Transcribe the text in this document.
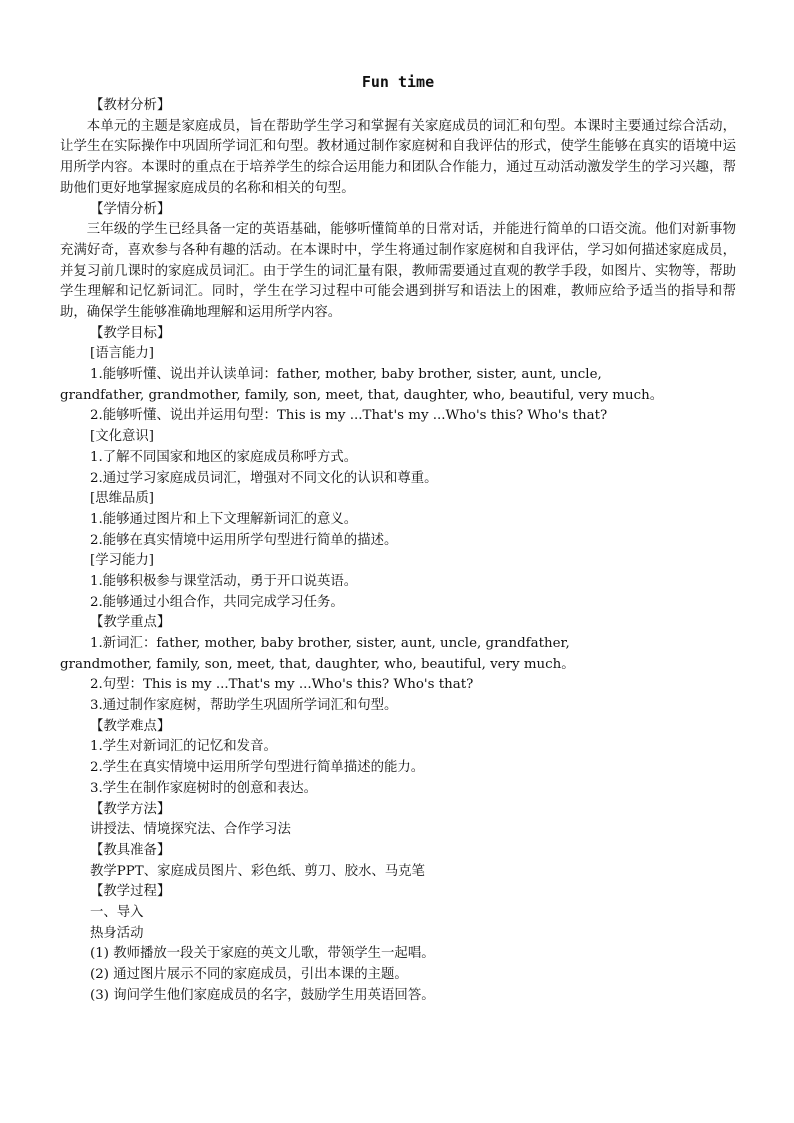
Fun time
【教材分析】
本单元的主题是家庭成员，旨在帮助学生学习和掌握有关家庭成员的词汇和句型。本课时主要通过综合活动，让学生在实际操作中巩固所学词汇和句型。教材通过制作家庭树和自我评估的形式，使学生能够在真实的语境中运用所学内容。本课时的重点在于培养学生的综合运用能力和团队合作能力，通过互动活动激发学生的学习兴趣，帮助他们更好地掌握家庭成员的名称和相关的句型。
【学情分析】
三年级的学生已经具备一定的英语基础，能够听懂简单的日常对话，并能进行简单的口语交流。他们对新事物充满好奇，喜欢参与各种有趣的活动。在本课时中，学生将通过制作家庭树和自我评估，学习如何描述家庭成员，并复习前几课时的家庭成员词汇。由于学生的词汇量有限，教师需要通过直观的教学手段，如图片、实物等，帮助学生理解和记忆新词汇。同时，学生在学习过程中可能会遇到拼写和语法上的困难，教师应给予适当的指导和帮助，确保学生能够准确地理解和运用所学内容。
【教学目标】
[语言能力]
1.能够听懂、说出并认读单词：father, mother, baby brother, sister, aunt, uncle,
grandfather, grandmother, family, son, meet, that, daughter, who, beautiful, very much。
2.能够听懂、说出并运用句型：This is my ...That's my ...Who's this? Who's that?
[文化意识]
1.了解不同国家和地区的家庭成员称呼方式。
2.通过学习家庭成员词汇，增强对不同文化的认识和尊重。
[思维品质]
1.能够通过图片和上下文理解新词汇的意义。
2.能够在真实情境中运用所学句型进行简单的描述。
[学习能力]
1.能够积极参与课堂活动，勇于开口说英语。
2.能够通过小组合作，共同完成学习任务。
【教学重点】
1.新词汇：father, mother, baby brother, sister, aunt, uncle, grandfather,
grandmother, family, son, meet, that, daughter, who, beautiful, very much。
2.句型：This is my ...That's my ...Who's this? Who's that?
3.通过制作家庭树，帮助学生巩固所学词汇和句型。
【教学难点】
1.学生对新词汇的记忆和发音。
2.学生在真实情境中运用所学句型进行简单描述的能力。
3.学生在制作家庭树时的创意和表达。
【教学方法】
讲授法、情境探究法、合作学习法
【教具准备】
教学PPT、家庭成员图片、彩色纸、剪刀、胶水、马克笔
【教学过程】
一、导入
热身活动
(1) 教师播放一段关于家庭的英文儿歌，带领学生一起唱。
(2) 通过图片展示不同的家庭成员，引出本课的主题。
(3) 询问学生他们家庭成员的名字，鼓励学生用英语回答。
